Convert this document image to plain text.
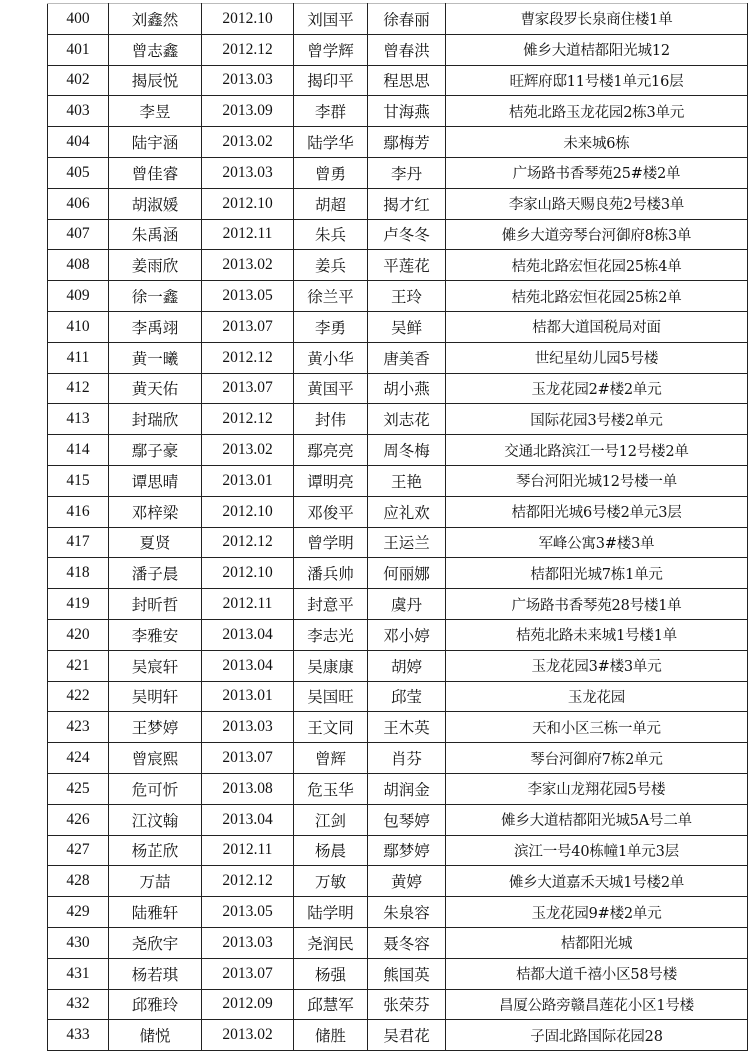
400	刘鑫然	2012.10	刘国平	徐春丽	曹家段罗长泉商住楼1单
401	曾志鑫	2012.12	曾学辉	曾春洪	傩乡大道桔都阳光城12
402	揭辰悦	2013.03	揭印平	程思思	旺辉府邸11号楼1单元16层
403	李昱	2013.09	李群	甘海燕	桔苑北路玉龙花园2栋3单元
404	陆宇涵	2013.02	陆学华	鄢梅芳	未来城6栋
405	曾佳睿	2013.03	曾勇	李丹	广场路书香琴苑25#楼2单
406	胡淑媛	2012.10	胡超	揭才红	李家山路天赐良苑2号楼3单
407	朱禹涵	2012.11	朱兵	卢冬冬	傩乡大道旁琴台河御府8栋3单
408	姜雨欣	2013.02	姜兵	平莲花	桔苑北路宏恒花园25栋4单
409	徐一鑫	2013.05	徐兰平	王玲	桔苑北路宏恒花园25栋2单
410	李禹翊	2013.07	李勇	吴鲜	桔都大道国税局对面
411	黄一曦	2012.12	黄小华	唐美香	世纪星幼儿园5号楼
412	黄天佑	2013.07	黄国平	胡小燕	玉龙花园2#楼2单元
413	封瑞欣	2012.12	封伟	刘志花	国际花园3号楼2单元
414	鄢子豪	2013.02	鄢亮亮	周冬梅	交通北路滨江一号12号楼2单
415	谭思晴	2013.01	谭明亮	王艳	琴台河阳光城12号楼一单
416	邓梓梁	2012.10	邓俊平	应礼欢	桔都阳光城6号楼2单元3层
417	夏贤	2012.12	曾学明	王运兰	军峰公寓3#楼3单
418	潘子晨	2012.10	潘兵帅	何丽娜	桔都阳光城7栋1单元
419	封昕哲	2012.11	封意平	虞丹	广场路书香琴苑28号楼1单
420	李雅安	2013.04	李志光	邓小婷	桔苑北路未来城1号楼1单
421	吴宸轩	2013.04	吴康康	胡婷	玉龙花园3#楼3单元
422	吴明轩	2013.01	吴国旺	邱莹	玉龙花园
423	王梦婷	2013.03	王文同	王木英	天和小区三栋一单元
424	曾宸熙	2013.07	曾辉	肖芬	琴台河御府7栋2单元
425	危可忻	2013.08	危玉华	胡润金	李家山龙翔花园5号楼
426	江汶翰	2013.04	江剑	包琴婷	傩乡大道桔都阳光城5A号二单
427	杨芷欣	2012.11	杨晨	鄢梦婷	滨江一号40栋幢1单元3层
428	万喆	2012.12	万敏	黄婷	傩乡大道嘉禾天城1号楼2单
429	陆雅轩	2013.05	陆学明	朱泉容	玉龙花园9#楼2单元
430	尧欣宇	2013.03	尧润民	聂冬容	桔都阳光城
431	杨若琪	2013.07	杨强	熊国英	桔都大道千禧小区58号楼
432	邱雅玲	2012.09	邱慧军	张荣芬	昌厦公路旁赣昌莲花小区1号楼
433	储悦	2013.02	储胜	吴君花	子固北路国际花园28
